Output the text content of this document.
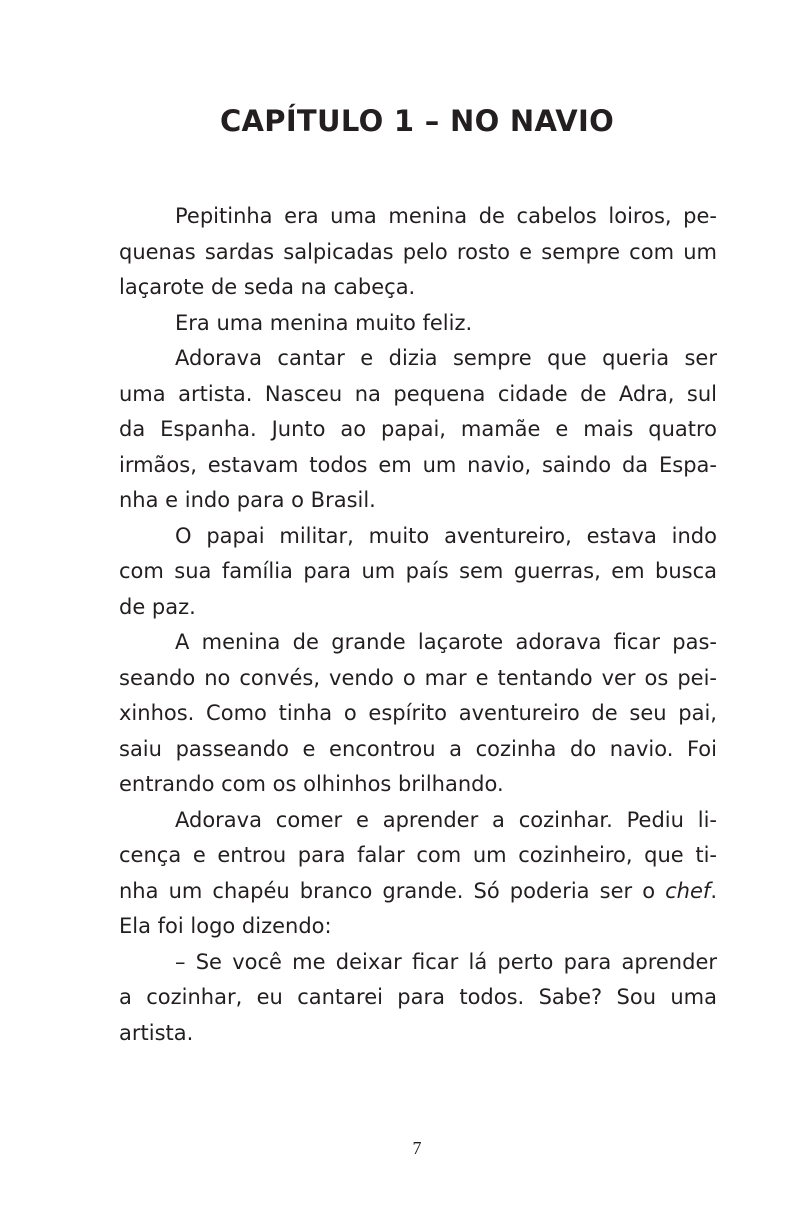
CAPÍTULO 1 – NO NAVIO
Pepitinha era uma menina de cabelos loiros, pe-
quenas sardas salpicadas pelo rosto e sempre com um
laçarote de seda na cabeça.
Era uma menina muito feliz.
Adorava cantar e dizia sempre que queria ser
uma artista. Nasceu na pequena cidade de Adra, sul
da Espanha. Junto ao papai, mamãe e mais quatro
irmãos, estavam todos em um navio, saindo da Espa-
nha e indo para o Brasil.
O papai militar, muito aventureiro, estava indo
com sua família para um país sem guerras, em busca
de paz.
A menina de grande laçarote adorava ficar pas-
seando no convés, vendo o mar e tentando ver os pei-
xinhos. Como tinha o espírito aventureiro de seu pai,
saiu passeando e encontrou a cozinha do navio. Foi
entrando com os olhinhos brilhando.
Adorava comer e aprender a cozinhar. Pediu li-
cença e entrou para falar com um cozinheiro, que ti-
nha um chapéu branco grande. Só poderia ser o chef.
Ela foi logo dizendo:
– Se você me deixar ficar lá perto para aprender
a cozinhar, eu cantarei para todos. Sabe? Sou uma
artista.
7
